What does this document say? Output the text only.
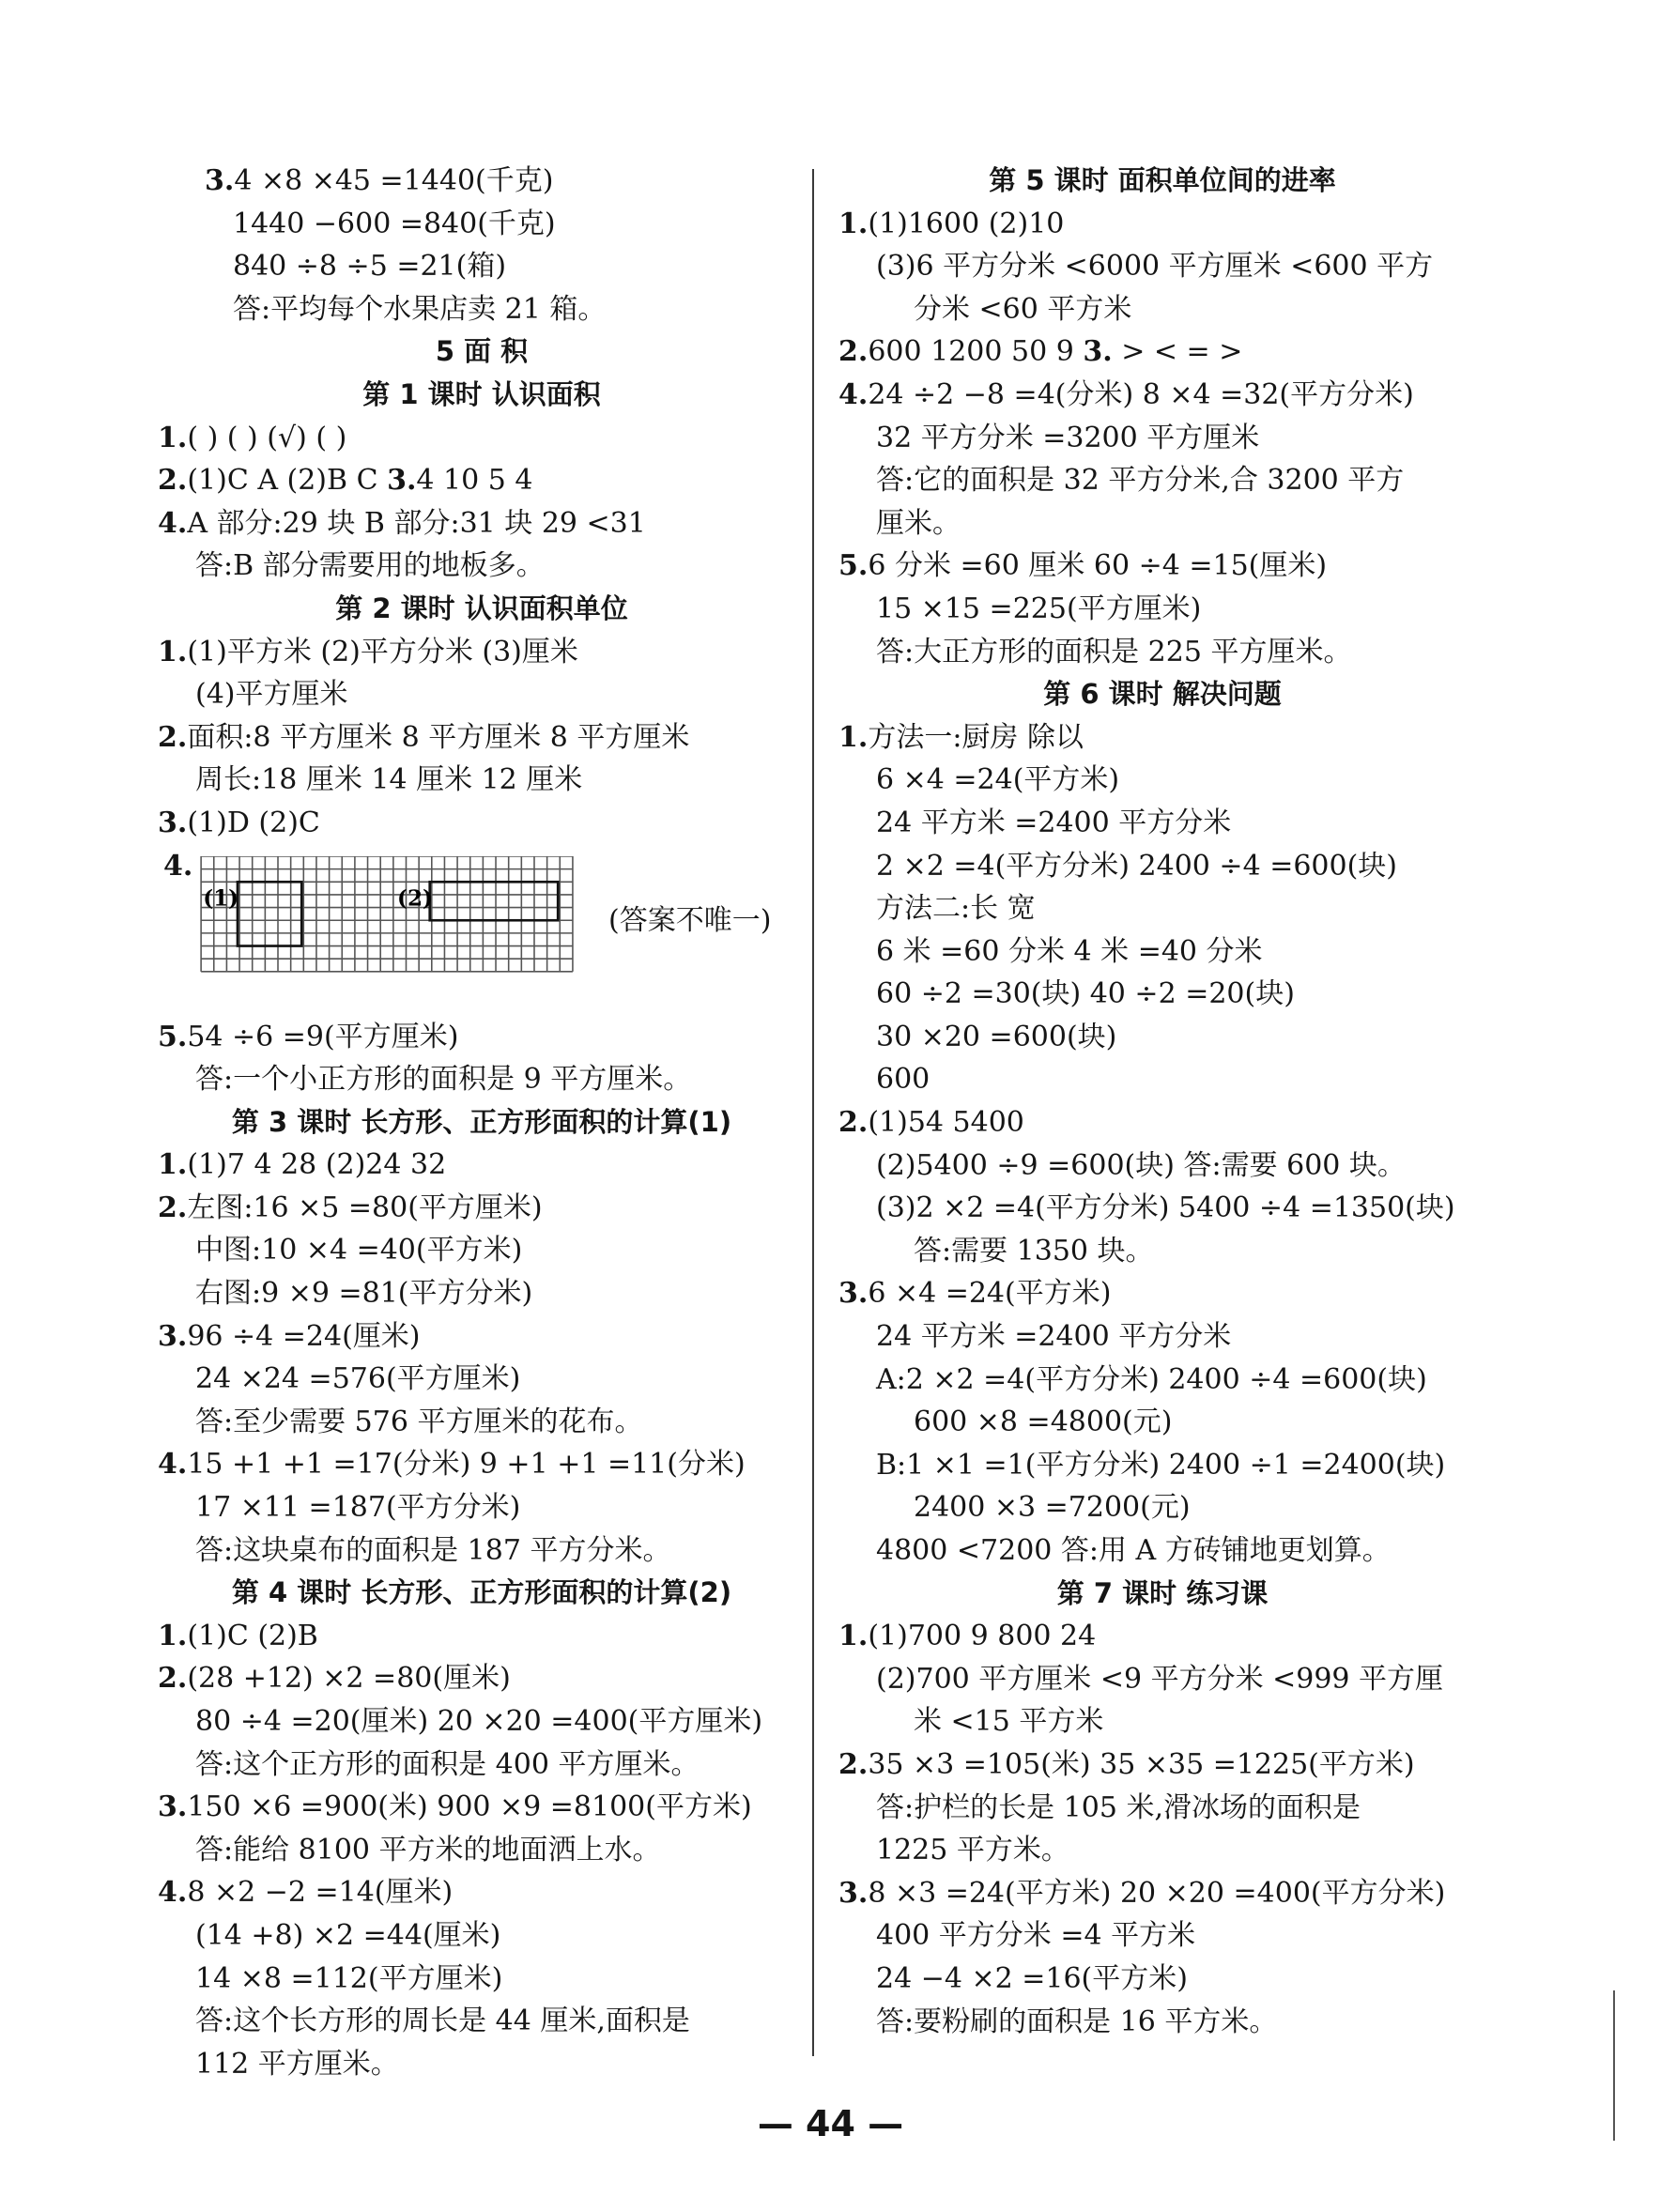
3.4 ×8 ×45 =1440(千克)
1440 −600 =840(千克)
840 ÷8 ÷5 =21(箱)
答:平均每个水果店卖 21 箱。
5 面 积
第 1 课时 认识面积
1.( ) ( ) (√) ( )
2.(1)C A (2)B C 3.4 10 5 4
4.A 部分:29 块 B 部分:31 块 29 <31
答:B 部分需要用的地板多。
第 2 课时 认识面积单位
1.(1)平方米 (2)平方分米 (3)厘米
(4)平方厘米
2.面积:8 平方厘米 8 平方厘米 8 平方厘米
周长:18 厘米 14 厘米 12 厘米
3.(1)D (2)C
4.
(1)	(2)
(答案不唯一)
5.54 ÷6 =9(平方厘米)
答:一个小正方形的面积是 9 平方厘米。
第 3 课时 长方形、正方形面积的计算(1)
1.(1)7 4 28 (2)24 32
2.左图:16 ×5 =80(平方厘米)
中图:10 ×4 =40(平方米)
右图:9 ×9 =81(平方分米)
3.96 ÷4 =24(厘米)
24 ×24 =576(平方厘米)
答:至少需要 576 平方厘米的花布。
4.15 +1 +1 =17(分米) 9 +1 +1 =11(分米)
17 ×11 =187(平方分米)
答:这块桌布的面积是 187 平方分米。
第 4 课时 长方形、正方形面积的计算(2)
1.(1)C (2)B
2.(28 +12) ×2 =80(厘米)
80 ÷4 =20(厘米) 20 ×20 =400(平方厘米)
答:这个正方形的面积是 400 平方厘米。
3.150 ×6 =900(米) 900 ×9 =8100(平方米)
答:能给 8100 平方米的地面洒上水。
4.8 ×2 −2 =14(厘米)
(14 +8) ×2 =44(厘米)
14 ×8 =112(平方厘米)
答:这个长方形的周长是 44 厘米,面积是
112 平方厘米。
第 5 课时 面积单位间的进率
1.(1)1600 (2)10
(3)6 平方分米 <6000 平方厘米 <600 平方
分米 <60 平方米
2.600 1200 50 9 3. > < = >
4.24 ÷2 −8 =4(分米) 8 ×4 =32(平方分米)
32 平方分米 =3200 平方厘米
答:它的面积是 32 平方分米,合 3200 平方
厘米。
5.6 分米 =60 厘米 60 ÷4 =15(厘米)
15 ×15 =225(平方厘米)
答:大正方形的面积是 225 平方厘米。
第 6 课时 解决问题
1.方法一:厨房 除以
6 ×4 =24(平方米)
24 平方米 =2400 平方分米
2 ×2 =4(平方分米) 2400 ÷4 =600(块)
方法二:长 宽
6 米 =60 分米 4 米 =40 分米
60 ÷2 =30(块) 40 ÷2 =20(块)
30 ×20 =600(块)
600
2.(1)54 5400
(2)5400 ÷9 =600(块) 答:需要 600 块。
(3)2 ×2 =4(平方分米) 5400 ÷4 =1350(块)
答:需要 1350 块。
3.6 ×4 =24(平方米)
24 平方米 =2400 平方分米
A:2 ×2 =4(平方分米) 2400 ÷4 =600(块)
600 ×8 =4800(元)
B:1 ×1 =1(平方分米) 2400 ÷1 =2400(块)
2400 ×3 =7200(元)
4800 <7200 答:用 A 方砖铺地更划算。
第 7 课时 练习课
1.(1)700 9 800 24
(2)700 平方厘米 <9 平方分米 <999 平方厘
米 <15 平方米
2.35 ×3 =105(米) 35 ×35 =1225(平方米)
答:护栏的长是 105 米,滑冰场的面积是
1225 平方米。
3.8 ×3 =24(平方米) 20 ×20 =400(平方分米)
400 平方分米 =4 平方米
24 −4 ×2 =16(平方米)
答:要粉刷的面积是 16 平方米。
— 44 —
